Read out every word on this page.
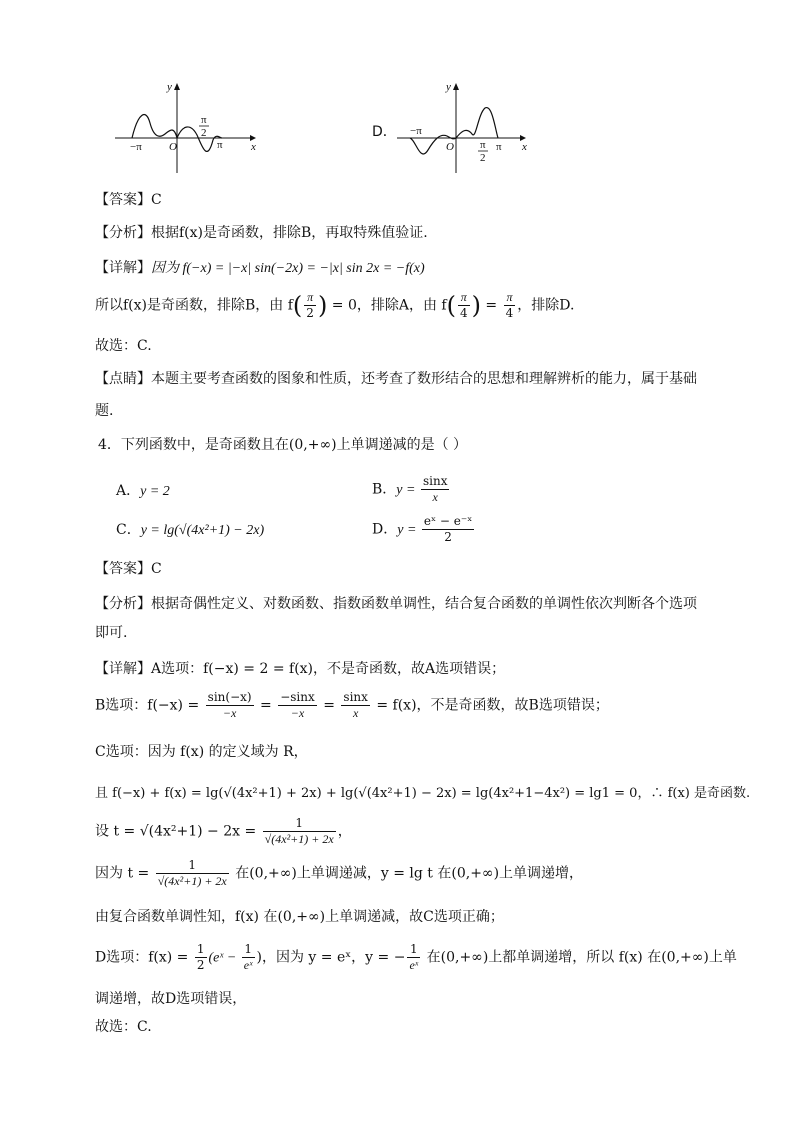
y
x
O
−π	π
π
2	D．
y
x
O
−π
π
π
2
【答案】C
【分析】根据f(x)是奇函数，排除B，再取特殊值验证.
【详解】因为 f(−x) = |−x| sin(−2x) = −|x| sin 2x = −f(x)
所以f(x)是奇函数，排除B，由 $f( \frac{\pi}{2}$ ) = 0，排除A，由 $f( \frac{\pi}{4}$ ) = $\frac{\pi}{4}$ ，排除D.
故选：C.
【点睛】本题主要考查函数的图象和性质，还考查了数形结合的思想和理解辨析的能力，属于基础
题.
4．下列函数中，是奇函数且在(0,+∞)上单调递减的是（ ）
A．y = 2	B．$y = \frac{\sin x}{x}$
C．y = lg(√(4x²+1) − 2x)	D．$y = \frac{\text{eˣ − e⁻ˣ}}{2}$
【答案】C
【分析】根据奇偶性定义、对数函数、指数函数单调性，结合复合函数的单调性依次判断各个选项
即可.
【详解】A选项：f(−x) = 2 = f(x)，不是奇函数，故A选项错误；
B选项：$f(-x) = \frac{\sin(-x)}{-x} = \frac{-\sin x}{-x} = \frac{\sin x}{x} = f(x)$，不是奇函数，故B选项错误；
C选项：因为 f(x) 的定义域为 R，
且 f(−x) + f(x) = lg(√(4x²+1) + 2x) + lg(√(4x²+1) − 2x) = lg(4x²+1−4x²) = lg1 = 0，∴ f(x) 是奇函数.
设 $t = √(4x^2+1) - 2x = \frac{1}{\text{√(4x²+1) + 2x}}$ ，
因为 $t = \frac{1}{\text{√(4x²+1) + 2x}}$ 在(0,+∞)上单调递减，y = lg t 在(0,+∞)上单调递增，
由复合函数单调性知，f(x) 在(0,+∞)上单调递减，故C选项正确；
D选项：$f(x) = \frac{1}{2}$ (eˣ − $\frac{1}{\text{eˣ}}$ )，因为 y = eˣ，y = − $\frac{1}{\text{eˣ}}$ 在(0,+∞)上都单调递增，所以 f(x) 在(0,+∞)上单
调递增，故D选项错误，
故选：C.
